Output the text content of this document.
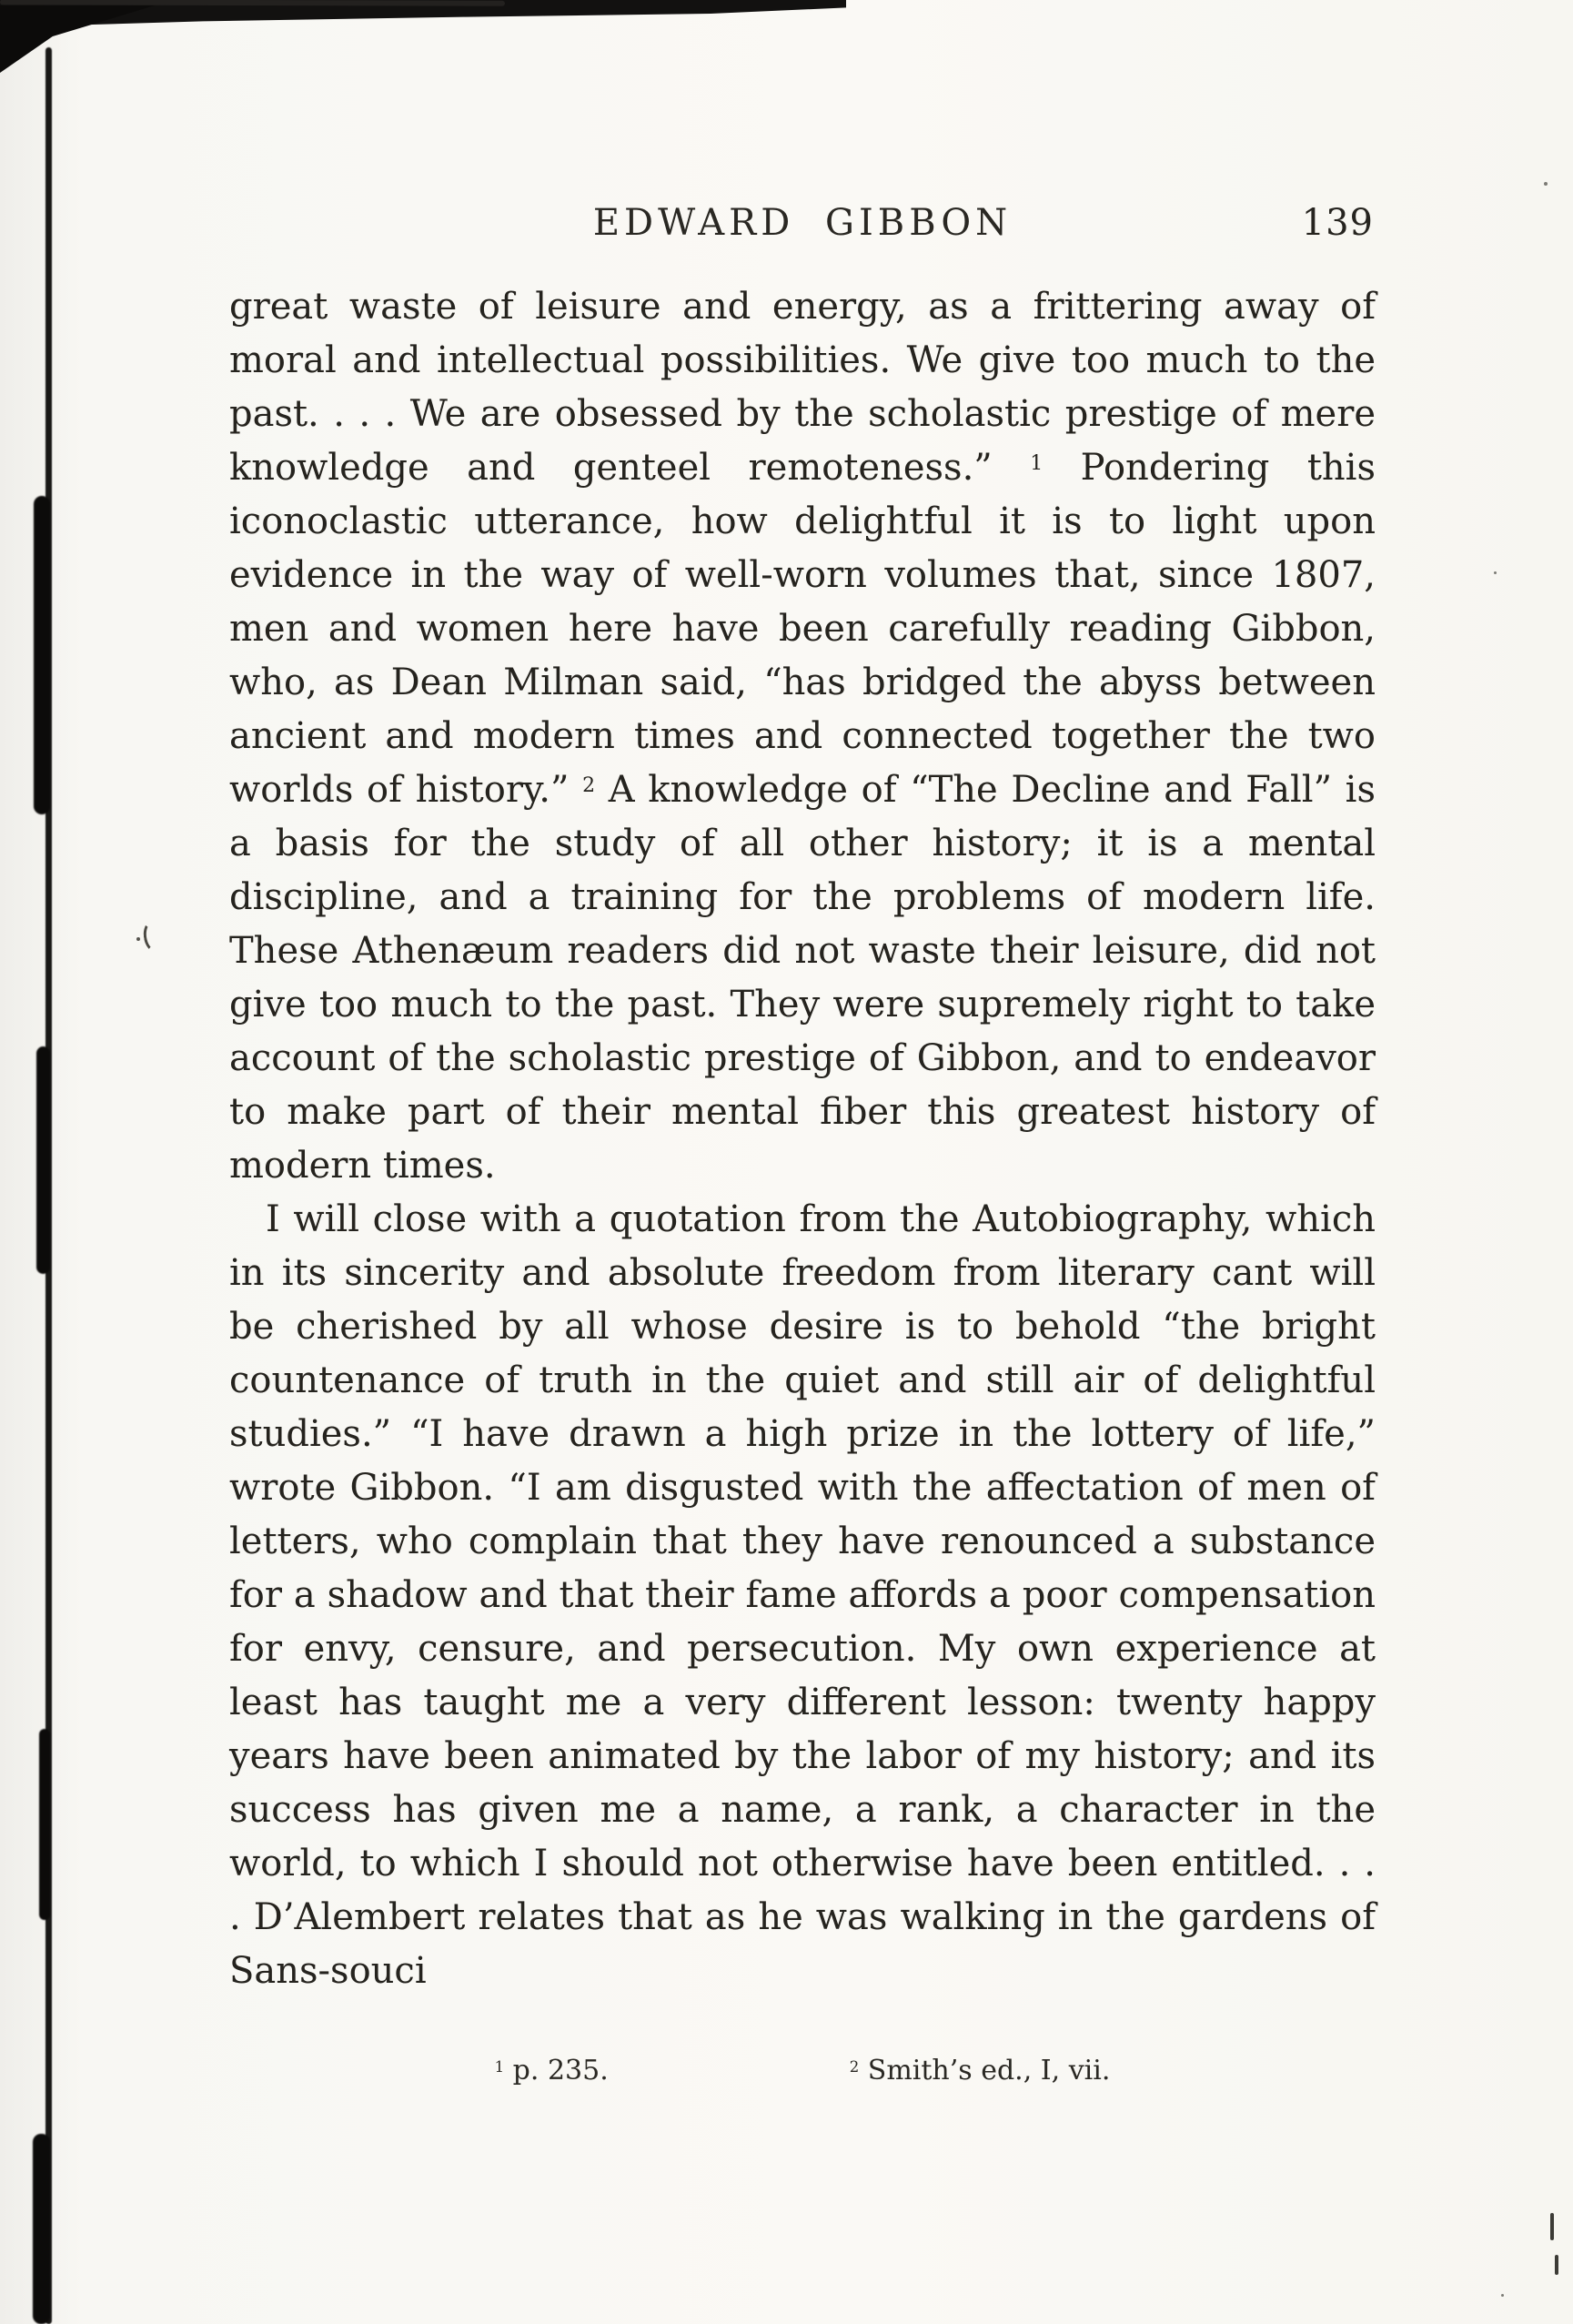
EDWARD GIBBON	139

great waste of leisure and energy, as a frittering away of moral and intellectual possibilities. We give too much to the past. . . . We are obsessed by the scholastic prestige of mere knowledge and genteel remoteness.” $^1$ Pondering this iconoclastic utterance, how delightful it is to light upon evidence in the way of well-worn volumes that, since 1807, men and women here have been carefully reading Gibbon, who, as Dean Milman said, “has bridged the abyss between ancient and modern times and connected together the two worlds of history.” $^2$ A knowledge of “The Decline and Fall” is a basis for the study of all other history; it is a mental discipline, and a training for the problems of modern life. These Athenæum readers did not waste their leisure, did not give too much to the past. They were supremely right to take account of the scholastic prestige of Gibbon, and to endeavor to make part of their mental fiber this greatest history of modern times.

I will close with a quotation from the Autobiography, which in its sincerity and absolute freedom from literary cant will be cherished by all whose desire is to behold “the bright countenance of truth in the quiet and still air of delightful studies.” “I have drawn a high prize in the lottery of life,” wrote Gibbon. “I am disgusted with the affectation of men of letters, who complain that they have renounced a substance for a shadow and that their fame affords a poor compensation for envy, censure, and persecution. My own experience at least has taught me a very different lesson: twenty happy years have been animated by the labor of my history; and its success has given me a name, a rank, a character in the world, to which I should not otherwise have been entitled. . . . D’Alembert relates that as he was walking in the gardens of Sans-souci

$^1$ p. 235.	$^2$ Smith’s ed., I, vii.
